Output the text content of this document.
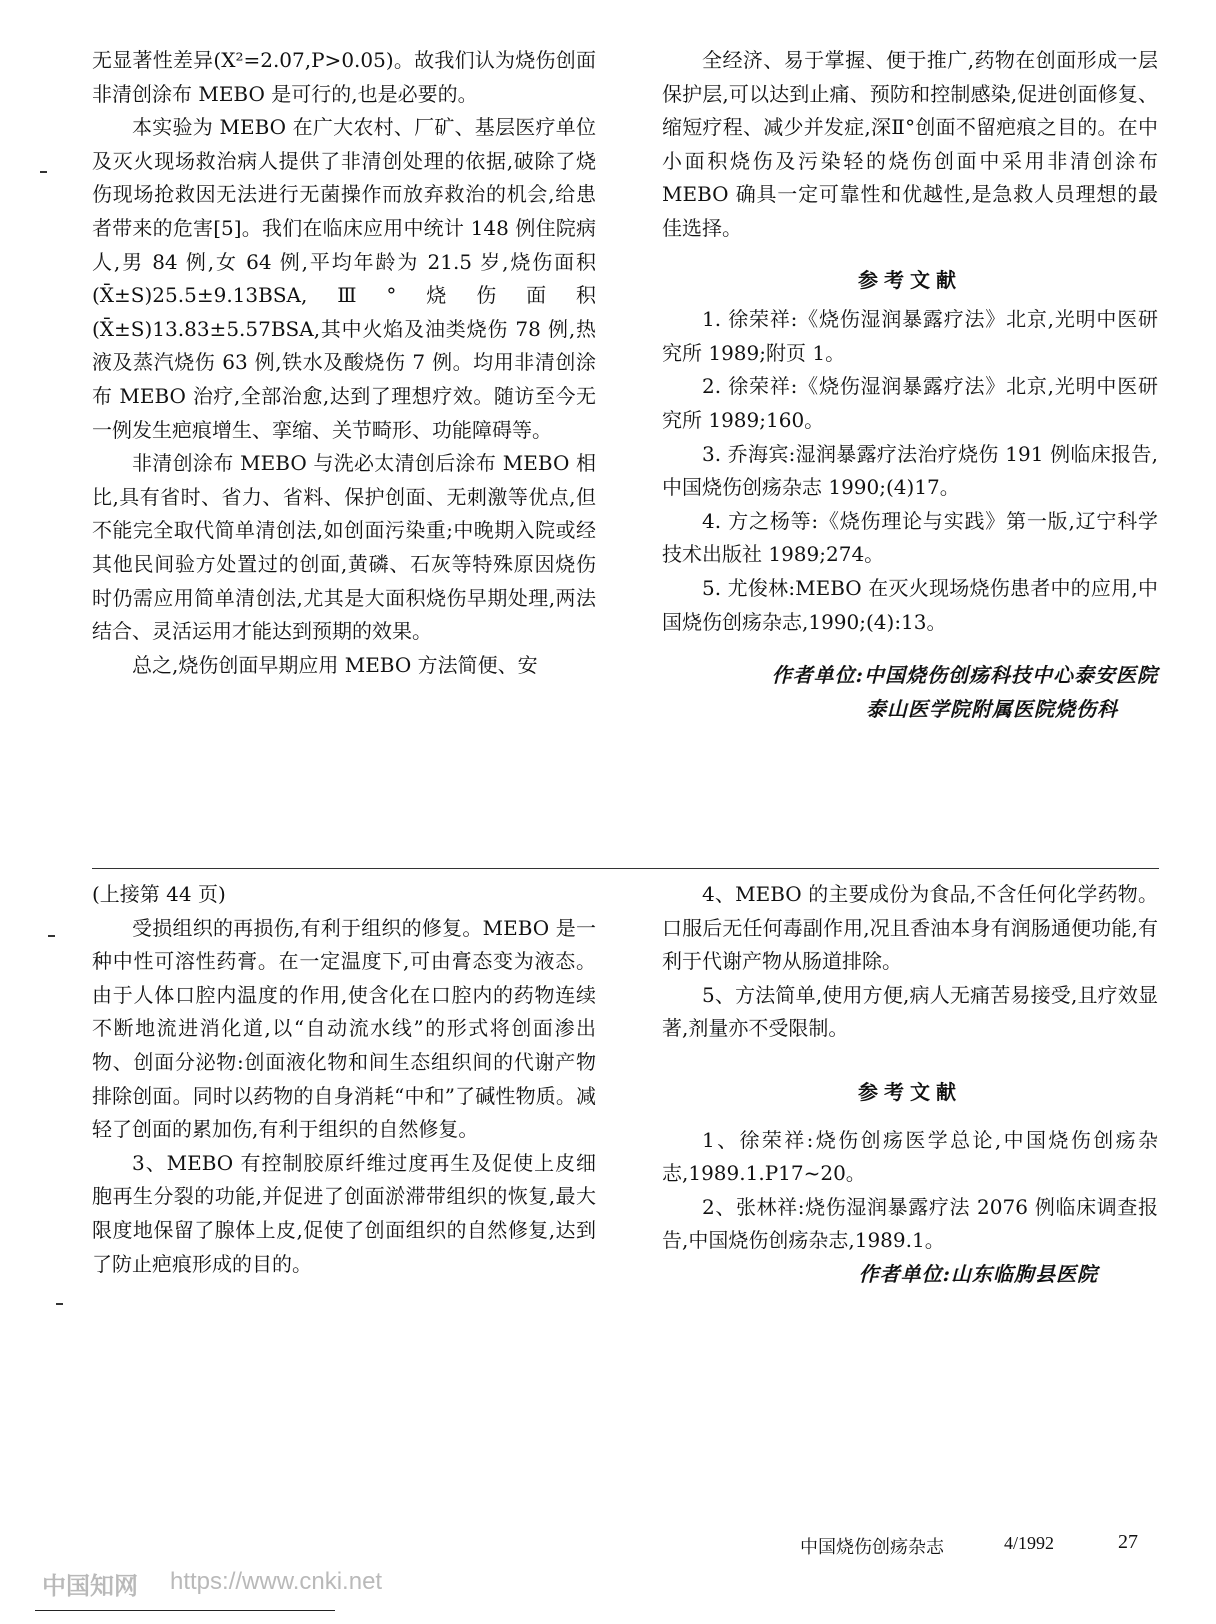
无显著性差异(X²=2.07,P>0.05)。故我们认为烧伤创面非清创涂布 MEBO 是可行的,也是必要的。

本实验为 MEBO 在广大农村、厂矿、基层医疗单位及灭火现场救治病人提供了非清创处理的依据,破除了烧伤现场抢救因无法进行无菌操作而放弃救治的机会,给患者带来的危害[5]。我们在临床应用中统计 148 例住院病人,男 84 例,女 64 例,平均年龄为 21.5 岁,烧伤面积(X̄±S)25.5±9.13BSA,Ⅲ°烧伤面积(X̄±S)13.83±5.57BSA,其中火焰及油类烧伤 78 例,热液及蒸汽烧伤 63 例,铁水及酸烧伤 7 例。均用非清创涂布 MEBO 治疗,全部治愈,达到了理想疗效。随访至今无一例发生疤痕增生、挛缩、关节畸形、功能障碍等。

非清创涂布 MEBO 与洗必太清创后涂布 MEBO 相比,具有省时、省力、省料、保护创面、无刺激等优点,但不能完全取代简单清创法,如创面污染重;中晚期入院或经其他民间验方处置过的创面,黄磷、石灰等特殊原因烧伤时仍需应用简单清创法,尤其是大面积烧伤早期处理,两法结合、灵活运用才能达到预期的效果。

总之,烧伤创面早期应用 MEBO 方法简便、安

全经济、易于掌握、便于推广,药物在创面形成一层保护层,可以达到止痛、预防和控制感染,促进创面修复、缩短疗程、减少并发症,深Ⅱ°创面不留疤痕之目的。在中小面积烧伤及污染轻的烧伤创面中采用非清创涂布 MEBO 确具一定可靠性和优越性,是急救人员理想的最佳选择。

参考文献

1. 徐荣祥:《烧伤湿润暴露疗法》北京,光明中医研究所 1989;附页 1。

2. 徐荣祥:《烧伤湿润暴露疗法》北京,光明中医研究所 1989;160。

3. 乔海宾:湿润暴露疗法治疗烧伤 191 例临床报告,中国烧伤创疡杂志 1990;(4)17。

4. 方之杨等:《烧伤理论与实践》第一版,辽宁科学技术出版社 1989;274。

5. 尤俊林:MEBO 在灭火现场烧伤患者中的应用,中国烧伤创疡杂志,1990;(4):13。

作者单位:中国烧伤创疡科技中心泰安医院

泰山医学院附属医院烧伤科

(上接第 44 页)

受损组织的再损伤,有利于组织的修复。MEBO 是一种中性可溶性药膏。在一定温度下,可由膏态变为液态。由于人体口腔内温度的作用,使含化在口腔内的药物连续不断地流进消化道,以“自动流水线”的形式将创面渗出物、创面分泌物:创面液化物和间生态组织间的代谢产物排除创面。同时以药物的自身消耗“中和”了碱性物质。减轻了创面的累加伤,有利于组织的自然修复。

3、MEBO 有控制胶原纤维过度再生及促使上皮细胞再生分裂的功能,并促进了创面淤滞带组织的恢复,最大限度地保留了腺体上皮,促使了创面组织的自然修复,达到了防止疤痕形成的目的。

4、MEBO 的主要成份为食品,不含任何化学药物。口服后无任何毒副作用,况且香油本身有润肠通便功能,有利于代谢产物从肠道排除。

5、方法简单,使用方便,病人无痛苦易接受,且疗效显著,剂量亦不受限制。

参考文献

1、徐荣祥:烧伤创疡医学总论,中国烧伤创疡杂志,1989.1.P17~20。

2、张林祥:烧伤湿润暴露疗法 2076 例临床调查报告,中国烧伤创疡杂志,1989.1。

作者单位:山东临朐县医院

中国烧伤创疡杂志	4/1992	27
中国知网 https://www.cnki.net
